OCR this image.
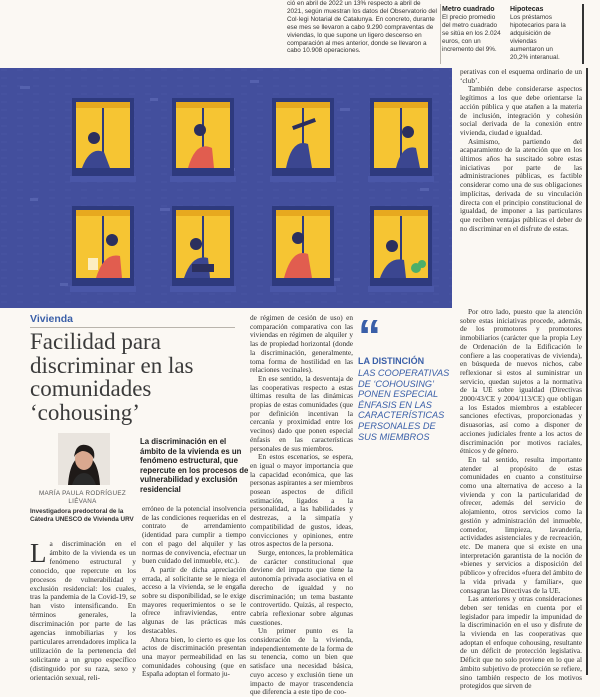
ció en abril de 2022 un 13% respecto a abril de 2021, según muestran los datos del Observatorio del Col·legi Notarial de Catalunya. En concreto, durante ese mes se llevaron a cabo 9.290 compraventas de viviendas, lo que supone un ligero descenso en comparación al mes anterior, donde se llevaron a cabo 10.908 operaciones.
Metro cuadrado
El precio promedio del metro cuadrado se sitúa en los 2.024 euros, con un incremento del 9%.
Hipotecas
Los préstamos hipotecarios para la adquisición de viviendas aumentaron un 20,2% interanual.

perativas con el esquema ordinario de un ‘club’.

También debe considerarse aspectos legítimos a los que debe orientarse la acción pública y que atañen a la materia de inclusión, integración y cohesión social derivada de la conexión entre vivienda, ciudad e igualdad.

Asimismo, partiendo del acaparamiento de la atención que en los últimos años ha suscitado sobre estas iniciativas por parte de las administraciones públicas, es factible considerar como una de sus obligaciones implícitas, derivada de su vinculación directa con el principio constitucional de igualdad, de imponer a las particulares que reciben ventajas públicas el deber de no discriminar en el disfrute de estas.

Vivienda
Facilidad para discriminar en las comunidades ‘cohousing’
MARÍA PAULA RODRÍGUEZ LIÉVANA
Investigadora predoctoral de la Cátedra UNESCO de Vivienda URV
La discriminación en el ámbito de la vivienda es un fenómeno estructural, que repercute en los procesos de vulnerabilidad y exclusión residencial
La discriminación en el ámbito de la vivienda es un fenómeno estructural y conocido, que repercute en los procesos de vulnerabilidad y exclusión residencial: los cuales, tras la pandemia de la Covid-19, se han visto intensificando. En términos generales, la discriminación por parte de las agencias inmobiliarias y los particulares arrendadores implica la utilización de la pertenencia del solicitante a un grupo específico (distinguido por su raza, sexo y orientación sexual, reli-

erróneo de la potencial insolvencia de las condiciones requeridas en el contrato de arrendamiento (identidad para cumplir a tiempo con el pago del alquiler y las normas de convivencia, efectuar un buen cuidado del inmueble, etc.).

A partir de dicha apreciación errada, al solicitante se le niega el acceso a la vivienda, se le engaña sobre su disponibilidad, se le exige mayores requerimientos o se le ofrece infraviviendas, entre algunas de las prácticas más destacables.

Ahora bien, lo cierto es que los actos de discriminación presentan una mayor permeabilidad en las comunidades cohousing (que en España adoptan el formato ju-

de régimen de cesión de uso) en comparación comparativa con las viviendas en régimen de alquiler y las de propiedad horizontal (donde la discriminación, generalmente, toma forma de hostilidad en las relaciones vecinales).

En ese sentido, la desventaja de las cooperativas respecto a estas últimas resulta de las dinámicas propias de estas comunidades (que por definición incentivan la cercanía y proximidad entre los vecinos) dado que ponen especial énfasis en las características personales de sus miembros.

En estos escenarios, se espera, en igual o mayor importancia que la capacidad económica, que las personas aspirantes a ser miembros posean aspectos de difícil estimación, ligados a la personalidad, a las habilidades y destrezas, a la simpatía y compatibilidad de gustos, ideas, convicciones y opiniones, entre otros aspectos de la persona.

Surge, entonces, la problemática de carácter constitucional que deviene del impacto que tiene la autonomía privada asociativa en el derecho de igualdad y no discriminación; un tema bastante controvertido. Quizás, al respecto, cabría reflexionar sobre algunas cuestiones.

Un primer punto es la consideración de la vivienda, independientemente de la forma de su tenencia, como un bien que satisface una necesidad básica, cuyo acceso y exclusión tiene un impacto de mayor trascendencia que diferencia a este tipo de coo-

“
LA DISTINCIÓN
LAS COOPERATIVAS DE ‘COHOUSING’ PONEN ESPECIAL ÉNFASIS EN LAS CARACTERÍSTICAS PERSONALES DE SUS MIEMBROS

Por otro lado, puesto que la atención sobre estas iniciativas procede, además, de los promotores y promotores inmobiliarios (carácter que la propia Ley de Ordenación de la Edificación le confiere a las cooperativas de vivienda), en búsqueda de nuevos nichos, cabe reflexionar si estos al suministrar un servicio, quedan sujetos a la normativa de la UE sobre igualdad (Directivas 2000/43/CE y 2004/113/CE) que obligan a los Estados miembros a establecer sanciones efectivas, proporcionadas y disuasorias, así como a disponer de acciones judiciales frente a los actos de discriminación por motivos raciales, étnicos y de género.

En tal sentido, resulta importante atender al propósito de estas comunidades en cuanto a constituirse como una alternativa de acceso a la vivienda y con la particularidad de ofrecer, además del servicio de alojamiento, otros servicios como la gestión y administración del inmueble, comedor, limpieza, lavandería, actividades asistenciales y de recreación, etc. De manera que si existe en una interpretación garantista de la noción de «bienes y servicios a disposición del público» y ofrecidos «fuera del ámbito de la vida privada y familiar», que consagran las Directivas de la UE.

Las anteriores y otras consideraciones deben ser tenidas en cuenta por el legislador para impedir la impunidad de la discriminación en el uso y disfrute de la vivienda en las cooperativas que adoptan el enfoque cohousing, resultante de un déficit de protección legislativa. Déficit que no solo proviene en lo que al ámbito subjetivo de protección se refiere, sino también respecto de los motivos protegidos que sirven de
